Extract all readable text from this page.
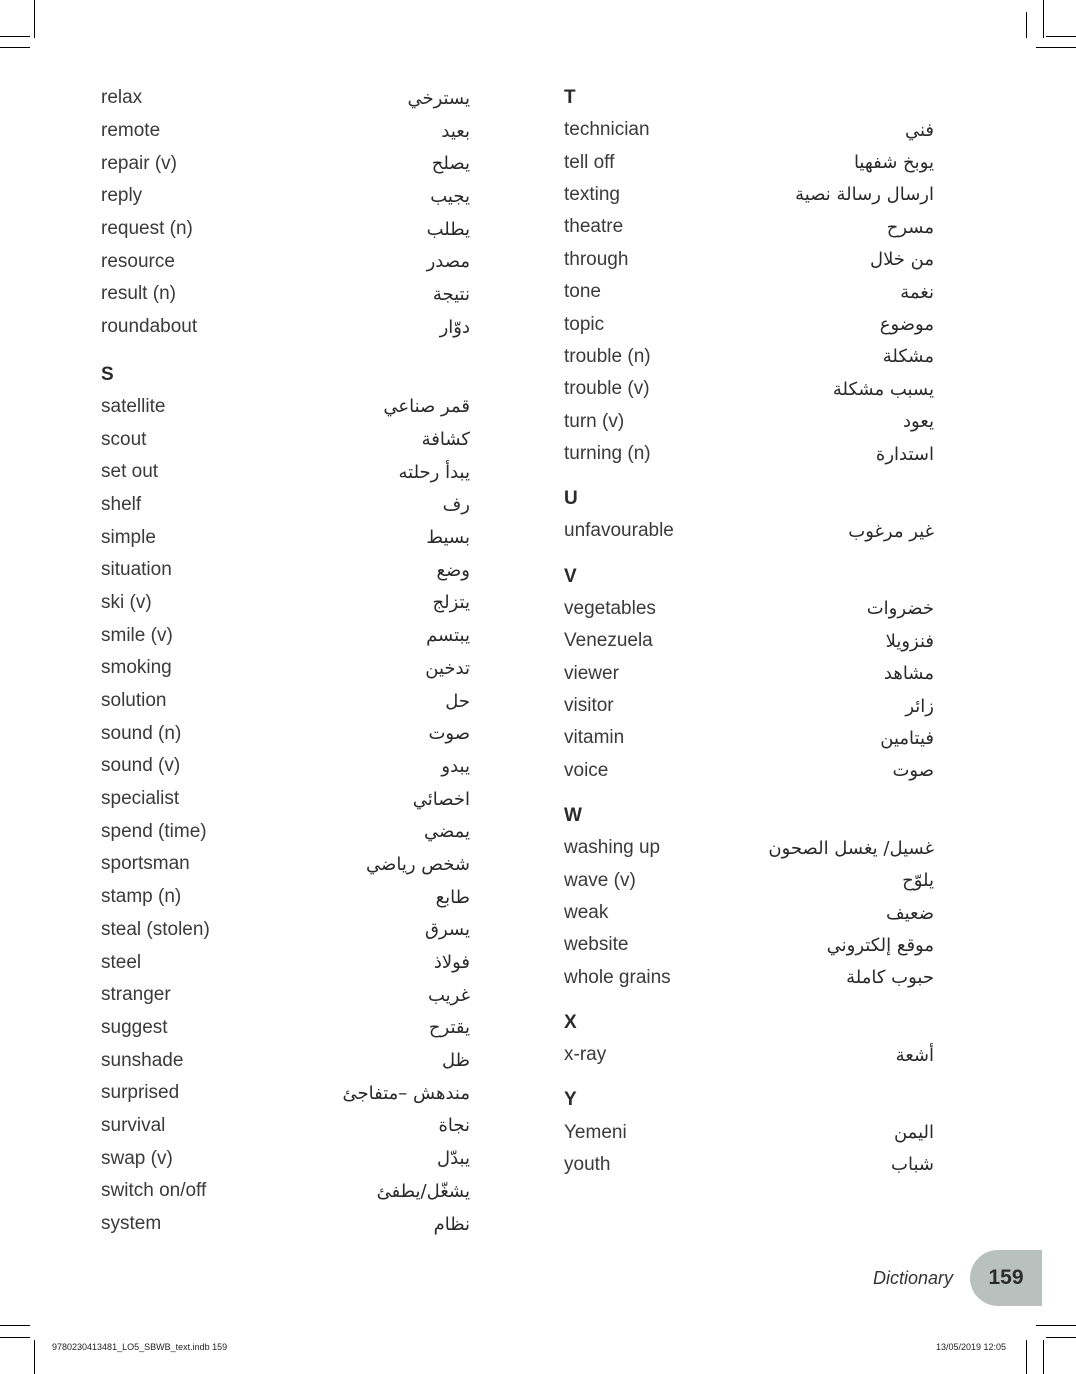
relax	يسترخي
remote	بعيد
repair (v)	يصلح
reply	يجيب
request (n)	يطلب
resource	مصدر
result (n)	نتيجة
roundabout	دوّار
S
satellite	قمر صناعي
scout	كشافة
set out	يبدأ رحلته
shelf	رف
simple	بسيط
situation	وضع
ski (v)	يتزلج
smile (v)	يبتسم
smoking	تدخين
solution	حل
sound (n)	صوت
sound (v)	يبدو
specialist	اخصائي
spend (time)	يمضي
sportsman	شخص رياضي
stamp (n)	طابع
steal (stolen)	يسرق
steel	فولاذ
stranger	غريب
suggest	يقترح
sunshade	ظل
surprised	مندهش –متفاجئ
survival	نجاة
swap (v)	يبدّل
switch on/off	يشغّل/يطفئ
system	نظام
T
technician	فني
tell off	يوبخ شفهيا
texting	ارسال رسالة نصية
theatre	مسرح
through	من خلال
tone	نغمة
topic	موضوع
trouble (n)	مشكلة
trouble (v)	يسبب مشكلة
turn (v)	يعود
turning (n)	استدارة
U
unfavourable	غير مرغوب
V
vegetables	خضروات
Venezuela	فنزويلا
viewer	مشاهد
visitor	زائر
vitamin	فيتامين
voice	صوت
W
washing up	غسيل/ يغسل الصحون
wave (v)	يلوّح
weak	ضعيف
website	موقع إلكتروني
whole grains	حبوب كاملة
X
x-ray	أشعة
Y
Yemeni	اليمن
youth	شباب
Dictionary 159
9780230413481_LO5_SBWB_text.indb 159	13/05/2019 12:05
